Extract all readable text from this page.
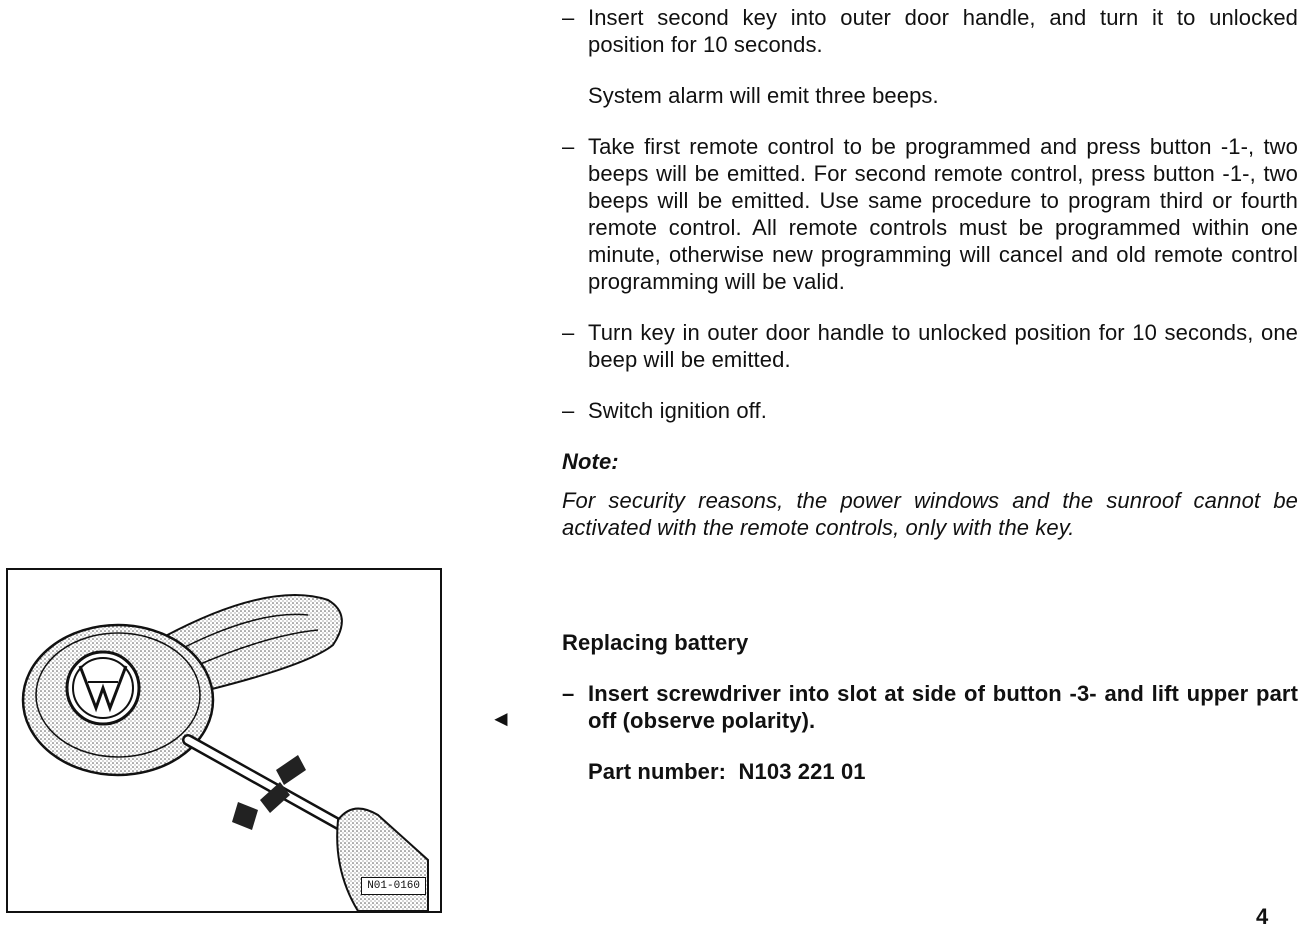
N01-0160
◄
– Insert second key into outer door handle, and turn it to unlocked position for 10 seconds.
System alarm will emit three beeps.
– Take first remote control to be programmed and press button -1-, two beeps will be emitted. For second remote control, press button -1-, two beeps will be emitted. Use same procedure to program third or fourth remote control. All remote controls must be programmed within one minute, otherwise new programming will cancel and old remote control programming will be valid.
– Turn key in outer door handle to unlocked position for 10 seconds, one beep will be emitted.
– Switch ignition off.
Note:
For security reasons, the power windows and the sunroof cannot be activated with the remote controls, only with the key.
Replacing battery
– Insert screwdriver into slot at side of button -3- and lift upper part off (observe polarity).
Part number: N103 221 01
4
